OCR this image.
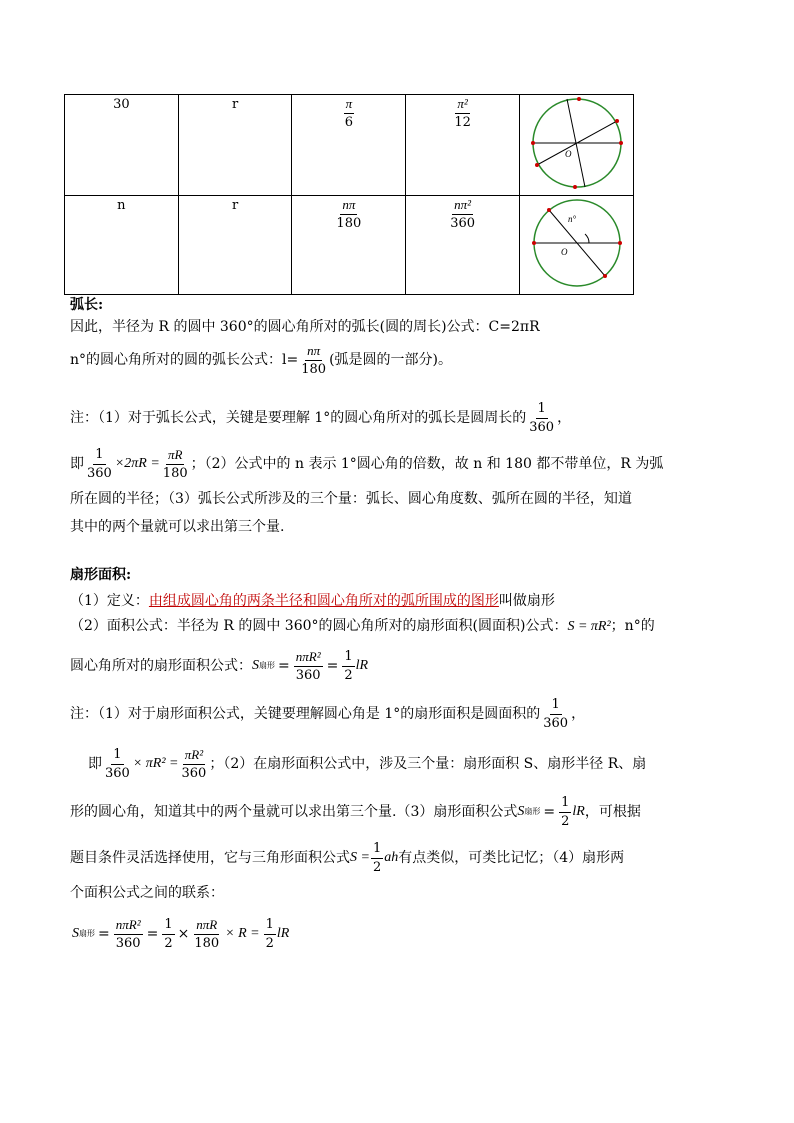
30	r	$\frac{\pi}{6}$	$\frac{\text{π²}}{12}$	O

n	r	$\frac{n\pi}{180}$	$\frac{\text{nπ²}}{360}$	n°
O
弧长:
因此，半径为 R 的圆中 360°的圆心角所对的弧长(圆的周长)公式：C=2πR
n°的圆心角所对的圆的弧长公式：$l= \frac{n\pi}{180}$ (弧是圆的一部分)。
注：（1）对于弧长公式，关键是要理解 1°的圆心角所对的弧长是圆周长的 $\frac{1}{360}$ ，
即 $\frac{1}{360} \times 2\pi R = \frac{\pi R}{180}$ ；（2）公式中的 n 表示 1°圆心角的倍数，故 n 和 180 都不带单位，R 为弧
所在圆的半径；（3）弧长公式所涉及的三个量：弧长、圆心角度数、弧所在圆的半径，知道
其中的两个量就可以求出第三个量.
扇形面积:
（1）定义：由组成圆心角的两条半径和圆心角所对的弧所围成的图形叫做扇形
（2）面积公式：半径为 R 的圆中 360°的圆心角所对的扇形面积(圆面积)公式：S = πR²；n°的
圆心角所对的扇形面积公式： S 扇形 = $\frac{\text{nπR²}}{360} = \frac{1}{2}$ lR
注：（1）对于扇形面积公式，关键要理解圆心角是 1°的扇形面积是圆面积的 $\frac{1}{360}$ ，
即 $\frac{1}{360} \times \pi R^2 = \frac{\text{πR²}}{360}$ ；（2）在扇形面积公式中，涉及三个量：扇形面积 S、扇形半径 R、扇
形的圆心角，知道其中的两个量就可以求出第三个量.（3）扇形面积公式 S 扇形 = $\frac{1}{2}$ lR ，可根据
题目条件灵活选择使用，它与三角形面积公式 $S = \frac{1}{2}$ ah 有点类似，可类比记忆；（4）扇形两
个面积公式之间的联系：
S 扇形 = $\frac{\text{nπR²}}{360} = \frac{1}{2} \times \frac{\text{nπR}}{180} \times R = \frac{1}{2}$ lR
